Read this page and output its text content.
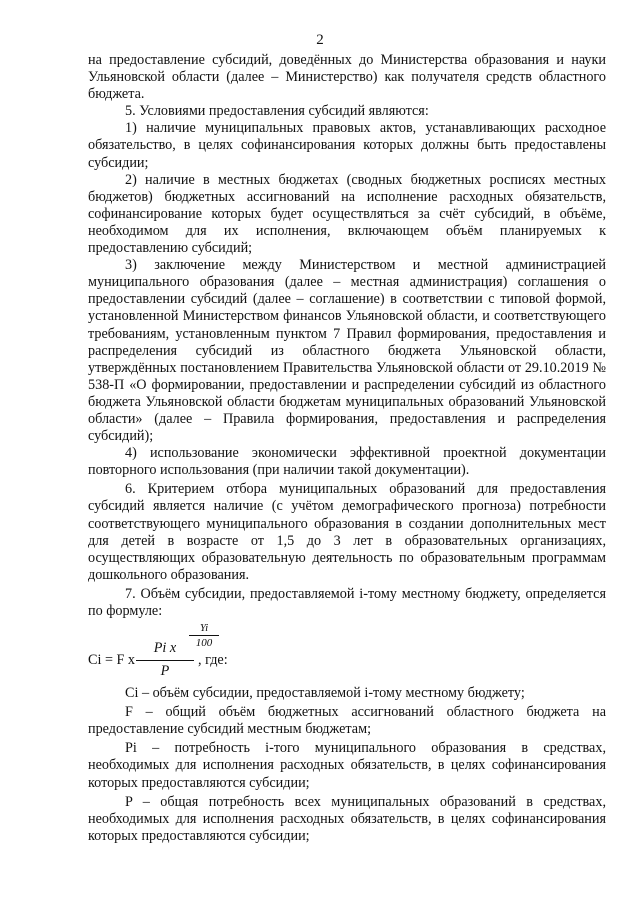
2

на предоставление субсидий, доведённых до Министерства образования и науки Ульяновской области (далее – Министерство) как получателя средств областного бюджета.

5. Условиями предоставления субсидий являются:

1) наличие муниципальных правовых актов, устанавливающих расходное обязательство, в целях софинансирования которых должны быть предоставлены субсидии;

2) наличие в местных бюджетах (сводных бюджетных росписях местных бюджетов) бюджетных ассигнований на исполнение расходных обязательств, софинансирование которых будет осуществляться за счёт субсидий, в объёме, необходимом для их исполнения, включающем объём планируемых к предоставлению субсидий;

3) заключение между Министерством и местной администрацией муниципального образования (далее – местная администрация) соглашения о предоставлении субсидий (далее – соглашение) в соответствии с типовой формой, установленной Министерством финансов Ульяновской области, и соответствующего требованиям, установленным пунктом 7 Правил формирования, предоставления и распределения субсидий из областного бюджета Ульяновской области, утверждённых постановлением Правительства Ульяновской области от 29.10.2019 № 538-П «О формировании, предоставлении и распределении субсидий из областного бюджета Ульяновской области бюджетам муниципальных образований Ульяновской области» (далее – Правила формирования, предоставления и распределения субсидий);

4) использование экономически эффективной проектной документации повторного использования (при наличии такой документации).

6. Критерием отбора муниципальных образований для предоставления субсидий является наличие (с учётом демографического прогноза) потребности соответствующего муниципального образования в создании дополнительных мест для детей в возрасте от 1,5 до 3 лет в образовательных организациях, осуществляющих образовательную деятельность по образовательным программам дошкольного образования.

7. Объём субсидии, предоставляемой i-тому местному бюджету, определяется по формуле:

Ci = F x
Pi x
P
Yi
100
, где:

Ci – объём субсидии, предоставляемой i-тому местному бюджету;

F – общий объём бюджетных ассигнований областного бюджета на предоставление субсидий местным бюджетам;

Pi – потребность i-того муниципального образования в средствах, необходимых для исполнения расходных обязательств, в целях софинансирования которых предоставляются субсидии;

P – общая потребность всех муниципальных образований в средствах, необходимых для исполнения расходных обязательств, в целях софинансирования которых предоставляются субсидии;
